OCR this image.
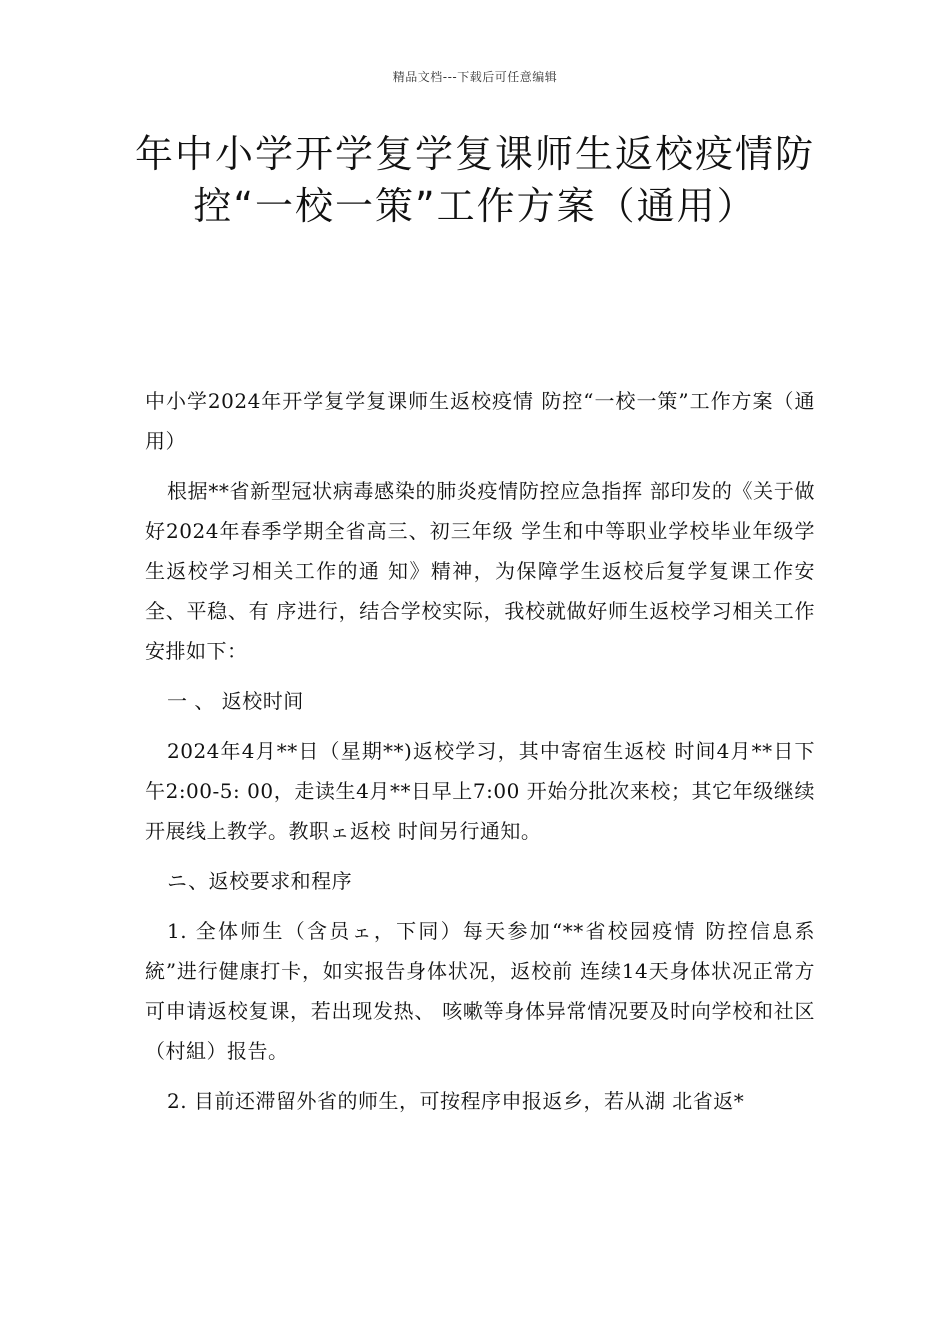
精品文档---下载后可任意编辑
年中小学开学复学复课师生返校疫情防
控“一校一策”工作方案（通用）

中小学2024年开学复学复课师生返校疫情 防控“一校一策”工作方案（通用）

根据**省新型冠状病毒感染的肺炎疫情防控应急指挥 部印发的《关于做好2024年春季学期全省高三、初三年级 学生和中等职业学校毕业年级学生返校学习相关工作的通 知》精神，为保障学生返校后复学复课工作安全、平稳、有 序进行，结合学校实际，我校就做好师生返校学习相关工作 安排如下：

一 、 返校时间

2024年4月**日（星期**)返校学习，其中寄宿生返校 时间4月**日下午2:00-5: 00，走读生4月**日早上7:00 开始分批次来校；其它年级继续开展线上教学。教职ェ返校 时间另行通知。

ニ、返校要求和程序

1. 全体师生（含员ェ，下同）每天参加“**省校园疫情 防控信息系統”进行健康打卡，如实报告身体状况，返校前 连续14天身体状况正常方可申请返校复课，若出现发热、 咳嗽等身体异常情况要及时向学校和社区（村組）报告。

2. 目前还滞留外省的师生，可按程序申报返乡，若从湖 北省返*
